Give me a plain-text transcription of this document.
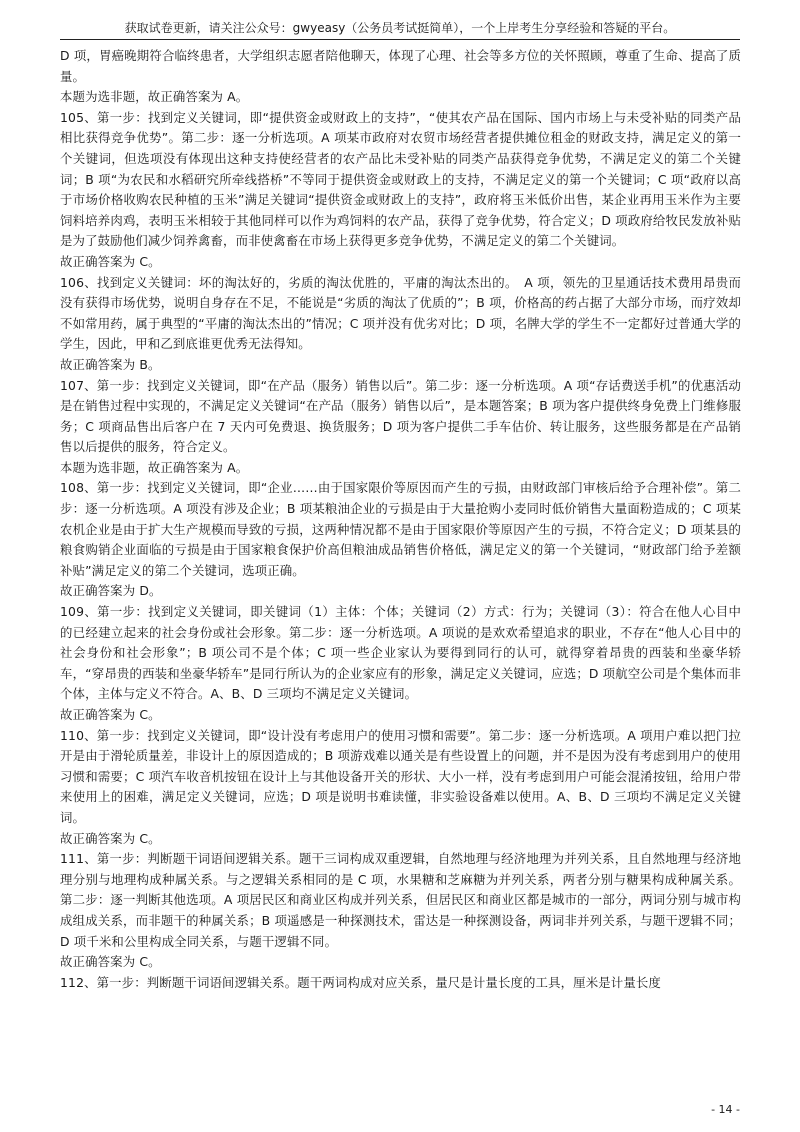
获取试卷更新，请关注公众号：gwyeasy（公务员考试挺简单），一个上岸考生分享经验和答疑的平台。

D 项，胃癌晚期符合临终患者，大学组织志愿者陪他聊天，体现了心理、社会等多方位的关怀照顾，尊重了生命、提高了质量。

本题为选非题，故正确答案为 A。

105、第一步：找到定义关键词，即“提供资金或财政上的支持”，“使其农产品在国际、国内市场上与未受补贴的同类产品相比获得竞争优势”。第二步：逐一分析选项。A 项某市政府对农贸市场经营者提供摊位租金的财政支持，满足定义的第一个关键词，但选项没有体现出这种支持使经营者的农产品比未受补贴的同类产品获得竞争优势，不满足定义的第二个关键词；B 项“为农民和水稻研究所牵线搭桥”不等同于提供资金或财政上的支持，不满足定义的第一个关键词；C 项“政府以高于市场价格收购农民种植的玉米”满足关键词“提供资金或财政上的支持”，政府将玉米低价出售，某企业再用玉米作为主要饲料培养肉鸡，表明玉米相较于其他同样可以作为鸡饲料的农产品，获得了竞争优势，符合定义；D 项政府给牧民发放补贴是为了鼓励他们减少饲养禽畜，而非使禽畜在市场上获得更多竞争优势，不满足定义的第二个关键词。

故正确答案为 C。

106、找到定义关键词：坏的淘汰好的，劣质的淘汰优胜的，平庸的淘汰杰出的。　A 项，领先的卫星通话技术费用昂贵而没有获得市场优势，说明自身存在不足，不能说是“劣质的淘汰了优质的”；B 项，价格高的药占据了大部分市场，而疗效却不如常用药，属于典型的“平庸的淘汰杰出的”情况；C 项并没有优劣对比；D 项，名牌大学的学生不一定都好过普通大学的学生，因此，甲和乙到底谁更优秀无法得知。

故正确答案为 B。

107、第一步：找到定义关键词，即“在产品（服务）销售以后”。第二步：逐一分析选项。A 项“存话费送手机”的优惠活动是在销售过程中实现的，不满足定义关键词“在产品（服务）销售以后”，是本题答案；B 项为客户提供终身免费上门维修服务；C 项商品售出后客户在 7 天内可免费退、换货服务；D 项为客户提供二手车估价、转让服务，这些服务都是在产品销售以后提供的服务，符合定义。

本题为选非题，故正确答案为 A。

108、第一步：找到定义关键词，即“企业……由于国家限价等原因而产生的亏损，由财政部门审核后给予合理补偿”。第二步：逐一分析选项。A 项没有涉及企业；B 项某粮油企业的亏损是由于大量抢购小麦同时低价销售大量面粉造成的；C 项某农机企业是由于扩大生产规模而导致的亏损，这两种情况都不是由于国家限价等原因产生的亏损，不符合定义；D 项某县的粮食购销企业面临的亏损是由于国家粮食保护价高但粮油成品销售价格低，满足定义的第一个关键词，“财政部门给予差额补贴”满足定义的第二个关键词，选项正确。

故正确答案为 D。

109、第一步：找到定义关键词，即关键词（1）主体：个体；关键词（2）方式：行为；关键词（3）：符合在他人心目中的已经建立起来的社会身份或社会形象。第二步：逐一分析选项。A 项说的是欢欢希望追求的职业，不存在“他人心目中的社会身份和社会形象”；B 项公司不是个体；C 项一些企业家认为要得到同行的认可，就得穿着昂贵的西装和坐豪华轿车，“穿昂贵的西装和坐豪华轿车”是同行所认为的企业家应有的形象，满足定义关键词，应选；D 项航空公司是个集体而非个体，主体与定义不符合。A、B、D 三项均不满足定义关键词。

故正确答案为 C。

110、第一步：找到定义关键词，即“设计没有考虑用户的使用习惯和需要”。第二步：逐一分析选项。A 项用户难以把门拉开是由于滑轮质量差，非设计上的原因造成的；B 项游戏难以通关是有些设置上的问题，并不是因为没有考虑到用户的使用习惯和需要；C 项汽车收音机按钮在设计上与其他设备开关的形状、大小一样，没有考虑到用户可能会混淆按钮，给用户带来使用上的困难，满足定义关键词，应选；D 项是说明书难读懂，非实验设备难以使用。A、B、D 三项均不满足定义关键词。

故正确答案为 C。

111、第一步：判断题干词语间逻辑关系。题干三词构成双重逻辑，自然地理与经济地理为并列关系，且自然地理与经济地理分别与地理构成种属关系。与之逻辑关系相同的是 C 项，水果糖和芝麻糖为并列关系，两者分别与糖果构成种属关系。第二步：逐一判断其他选项。A 项居民区和商业区构成并列关系，但居民区和商业区都是城市的一部分，两词分别与城市构成组成关系，而非题干的种属关系；B 项遥感是一种探测技术，雷达是一种探测设备，两词非并列关系，与题干逻辑不同；D 项千米和公里构成全同关系，与题干逻辑不同。

故正确答案为 C。

112、第一步：判断题干词语间逻辑关系。题干两词构成对应关系，量尺是计量长度的工具，厘米是计量长度

- 14 -
